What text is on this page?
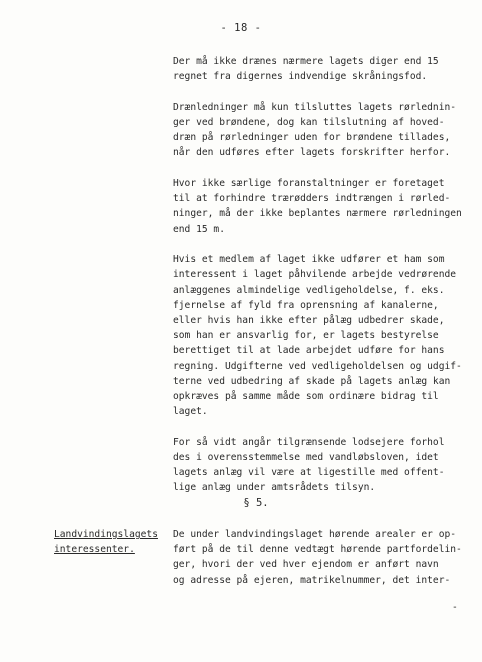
- 18 -

Der må ikke drænes nærmere lagets diger end 15
regnet fra digernes indvendige skråningsfod.

Drænledninger må kun tilsluttes lagets rørlednin-
ger ved brøndene, dog kan tilslutning af hoved-
dræn på rørledninger uden for brøndene tillades,
når den udføres efter lagets forskrifter herfor.

Hvor ikke særlige foranstaltninger er foretaget
til at forhindre trærødders indtrængen i rørled-
ninger, må der ikke beplantes nærmere rørledningen
end 15 m.

Hvis et medlem af laget ikke udfører et ham som
interessent i laget påhvilende arbejde vedrørende
anlæggenes almindelige vedligeholdelse, f. eks.
fjernelse af fyld fra oprensning af kanalerne,
eller hvis han ikke efter pålæg udbedrer skade,
som han er ansvarlig for, er lagets bestyrelse
berettiget til at lade arbejdet udføre for hans
regning. Udgifterne ved vedligeholdelsen og udgif-
terne ved udbedring af skade på lagets anlæg kan
opkræves på samme måde som ordinære bidrag til
laget.

For så vidt angår tilgrænsende lodsejere forhol
des i overensstemmelse med vandløbsloven, idet
lagets anlæg vil være at ligestille med offent-
lige anlæg under amtsrådets tilsyn.

§ 5.
Landvindingslagets
interessenter.
De under landvindingslaget hørende arealer er op-
ført på de til denne vedtægt hørende partfordelin-
ger, hvori der ved hver ejendom er anført navn
og adresse på ejeren, matrikelnummer, det inter-
-
